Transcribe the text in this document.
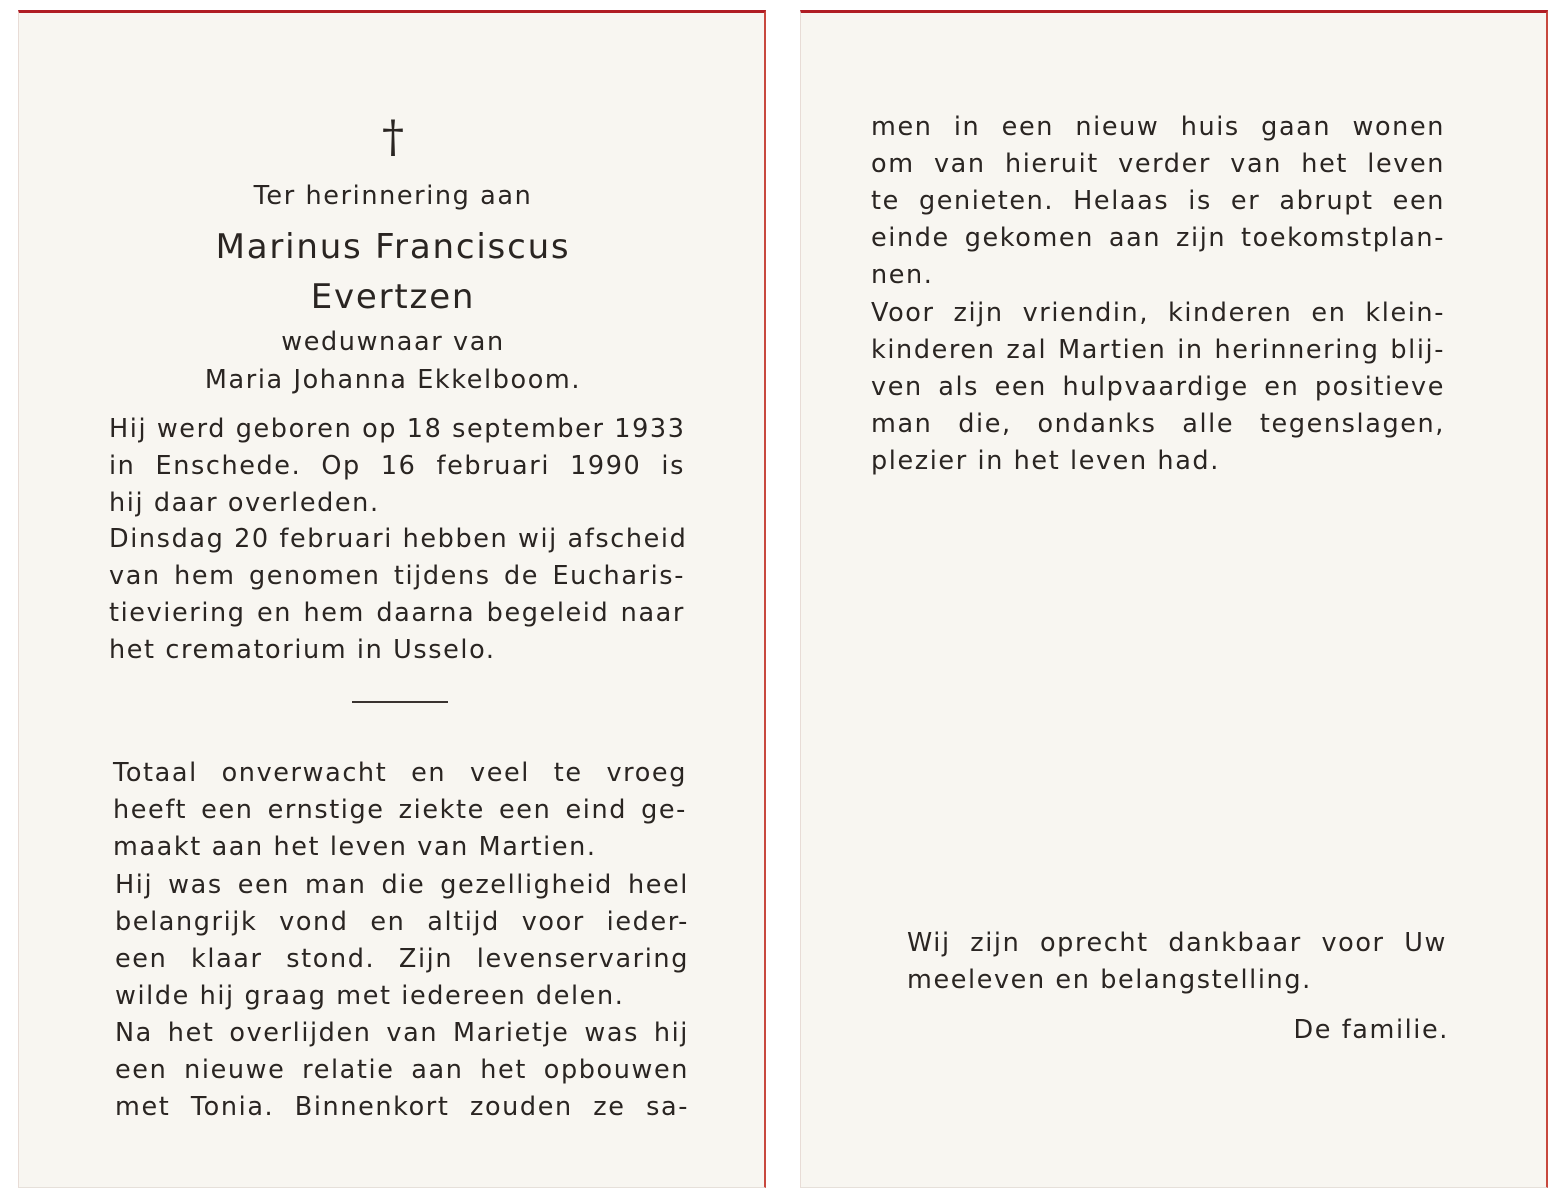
†
Ter herinnering aan
Marinus Franciscus
Evertzen
weduwnaar van
Maria Johanna Ekkelboom.
Hij werd geboren op 18 september 1933
in Enschede. Op 16 februari 1990 is
hij daar overleden.
Dinsdag 20 februari hebben wij afscheid
van hem genomen tijdens de Eucharis-
tieviering en hem daarna begeleid naar
het crematorium in Usselo.
Totaal onverwacht en veel te vroeg
heeft een ernstige ziekte een eind ge-
maakt aan het leven van Martien.
Hij was een man die gezelligheid heel
belangrijk vond en altijd voor ieder-
een klaar stond. Zijn levenservaring
wilde hij graag met iedereen delen.
Na het overlijden van Marietje was hij
een nieuwe relatie aan het opbouwen
met Tonia. Binnenkort zouden ze sa-
men in een nieuw huis gaan wonen
om van hieruit verder van het leven
te genieten. Helaas is er abrupt een
einde gekomen aan zijn toekomstplan-
nen.
Voor zijn vriendin, kinderen en klein-
kinderen zal Martien in herinnering blij-
ven als een hulpvaardige en positieve
man die, ondanks alle tegenslagen,
plezier in het leven had.
Wij zijn oprecht dankbaar voor Uw
meeleven en belangstelling.
De familie.
